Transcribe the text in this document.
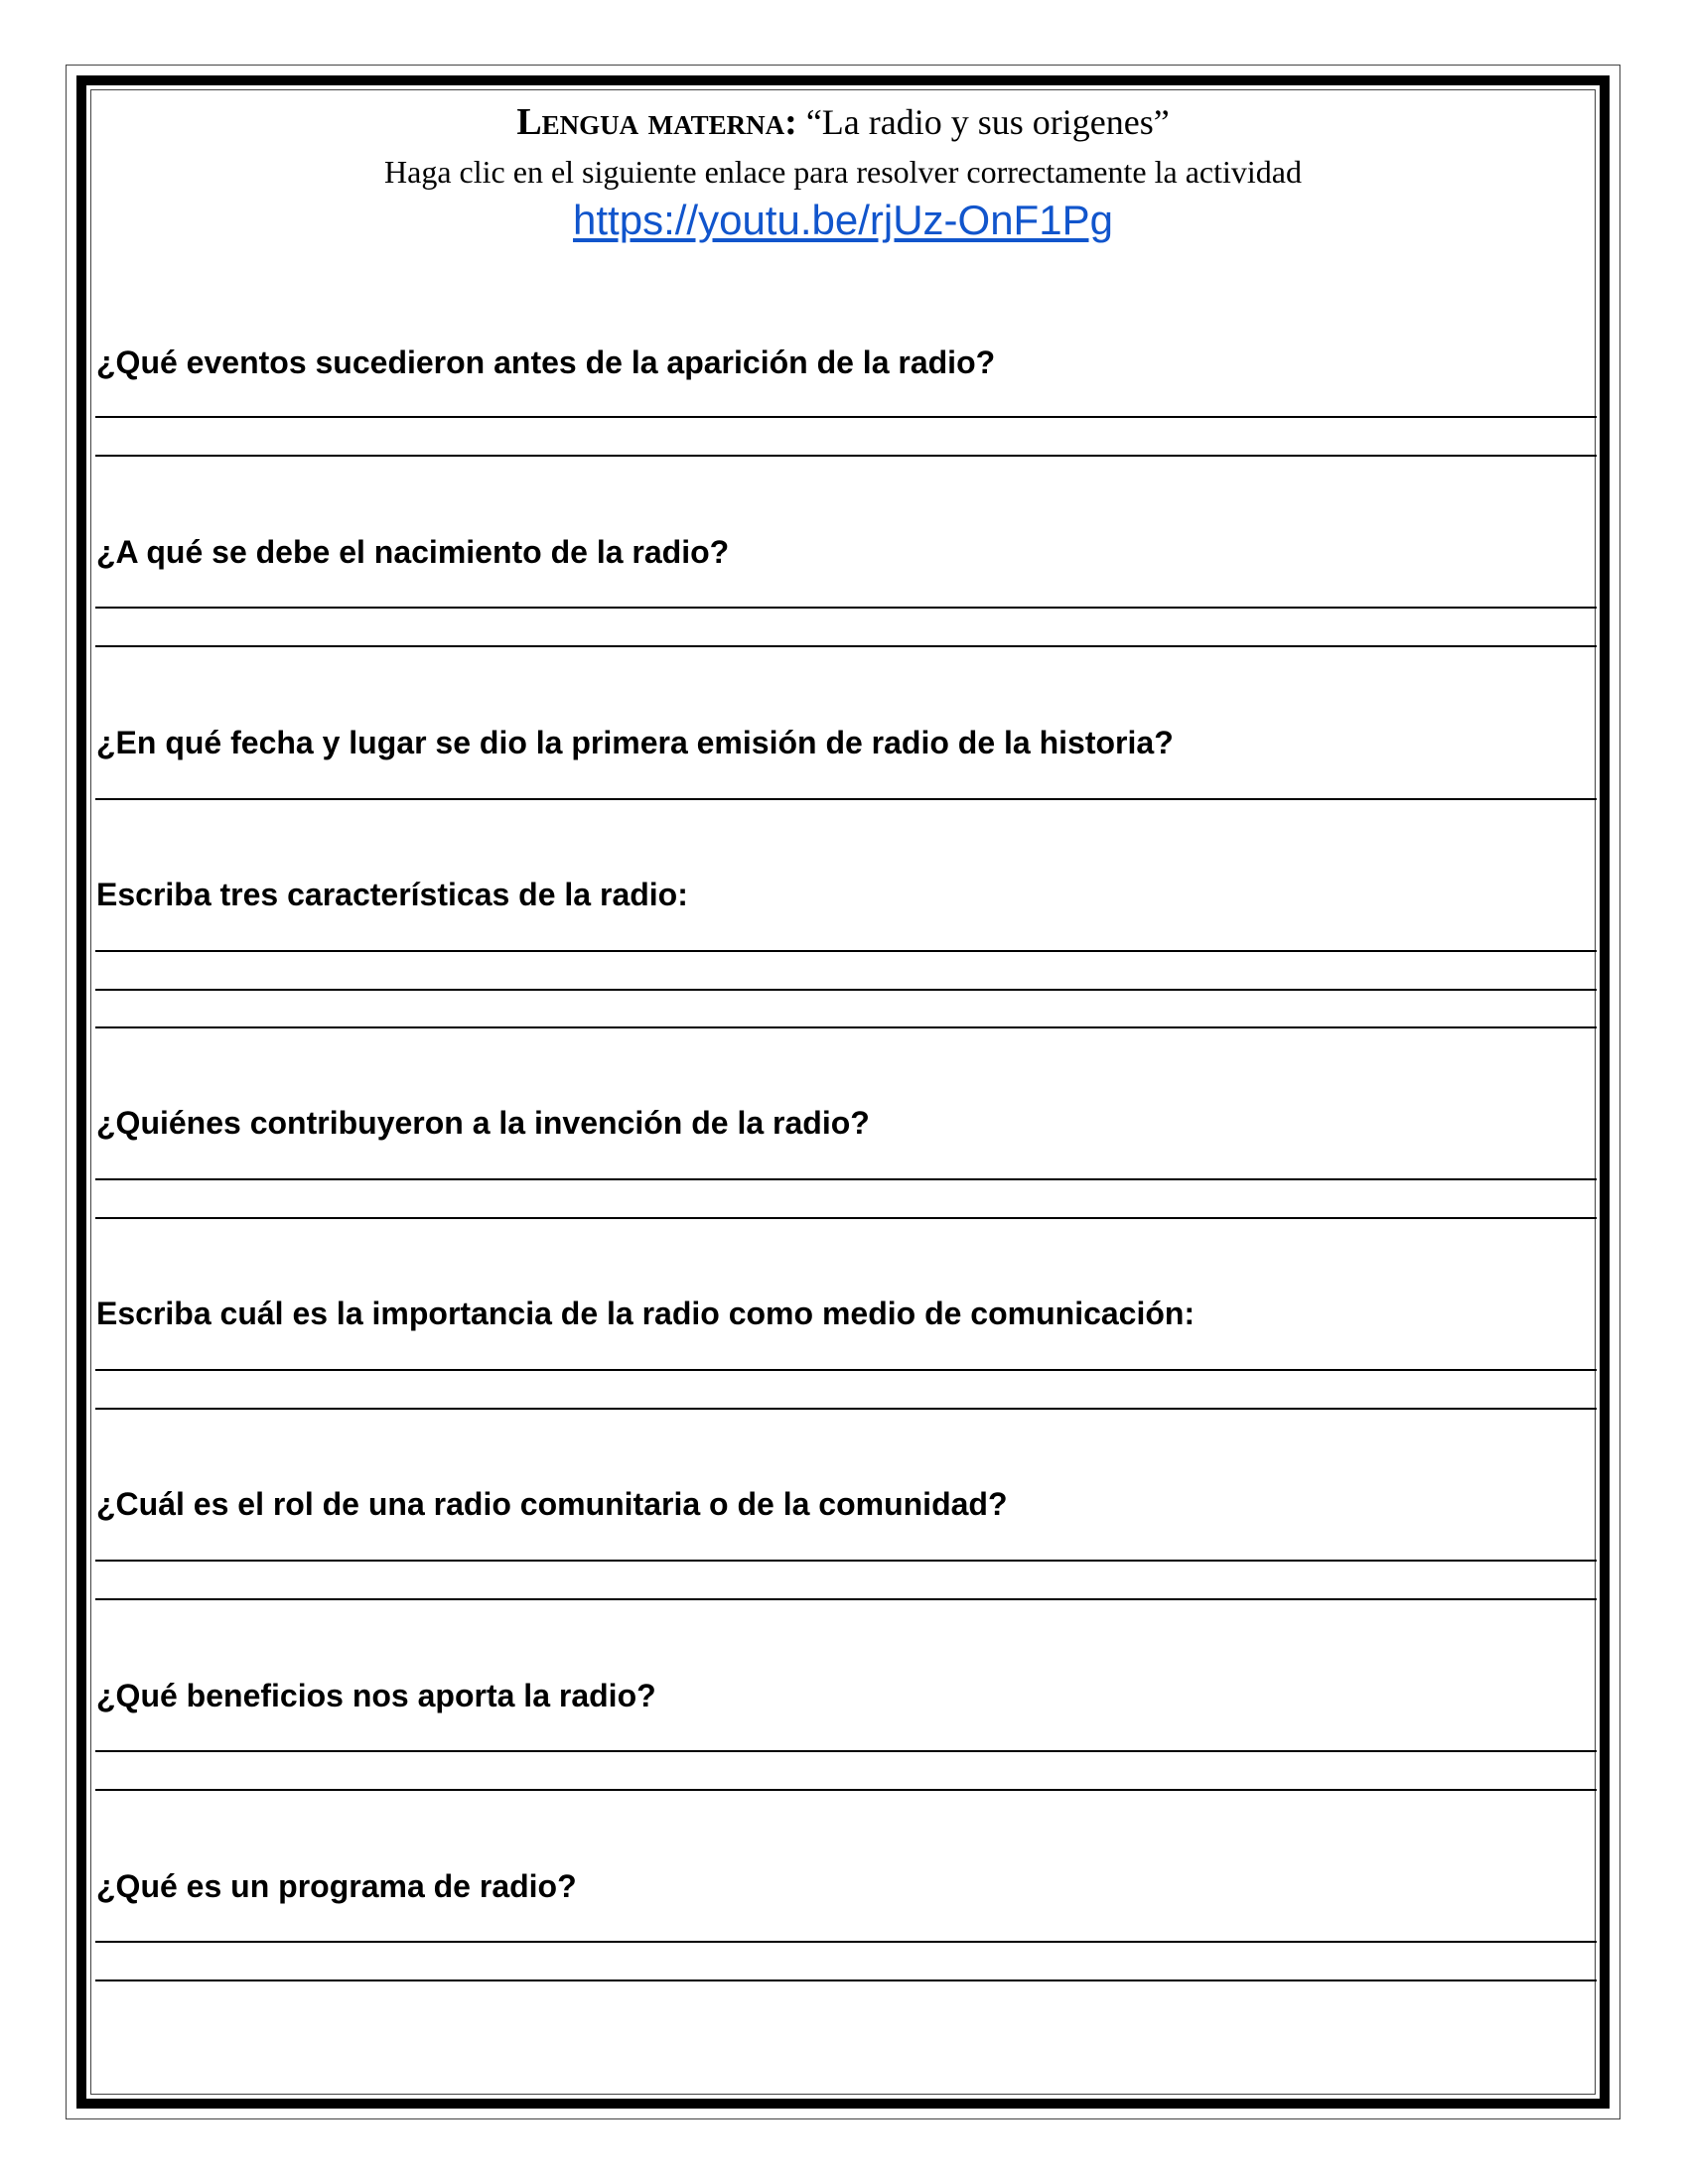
Lengua materna: “La radio y sus origenes”
Haga clic en el siguiente enlace para resolver correctamente la actividad
https://youtu.be/rjUz-OnF1Pg
¿Qué eventos sucedieron antes de la aparición de la radio?
¿A qué se debe el nacimiento de la radio?
¿En qué fecha y lugar se dio la primera emisión de radio de la historia?
Escriba tres características de la radio:
¿Quiénes contribuyeron a la invención de la radio?
Escriba cuál es la importancia de la radio como medio de comunicación:
¿Cuál es el rol de una radio comunitaria o de la comunidad?
¿Qué beneficios nos aporta la radio?
¿Qué es un programa de radio?
